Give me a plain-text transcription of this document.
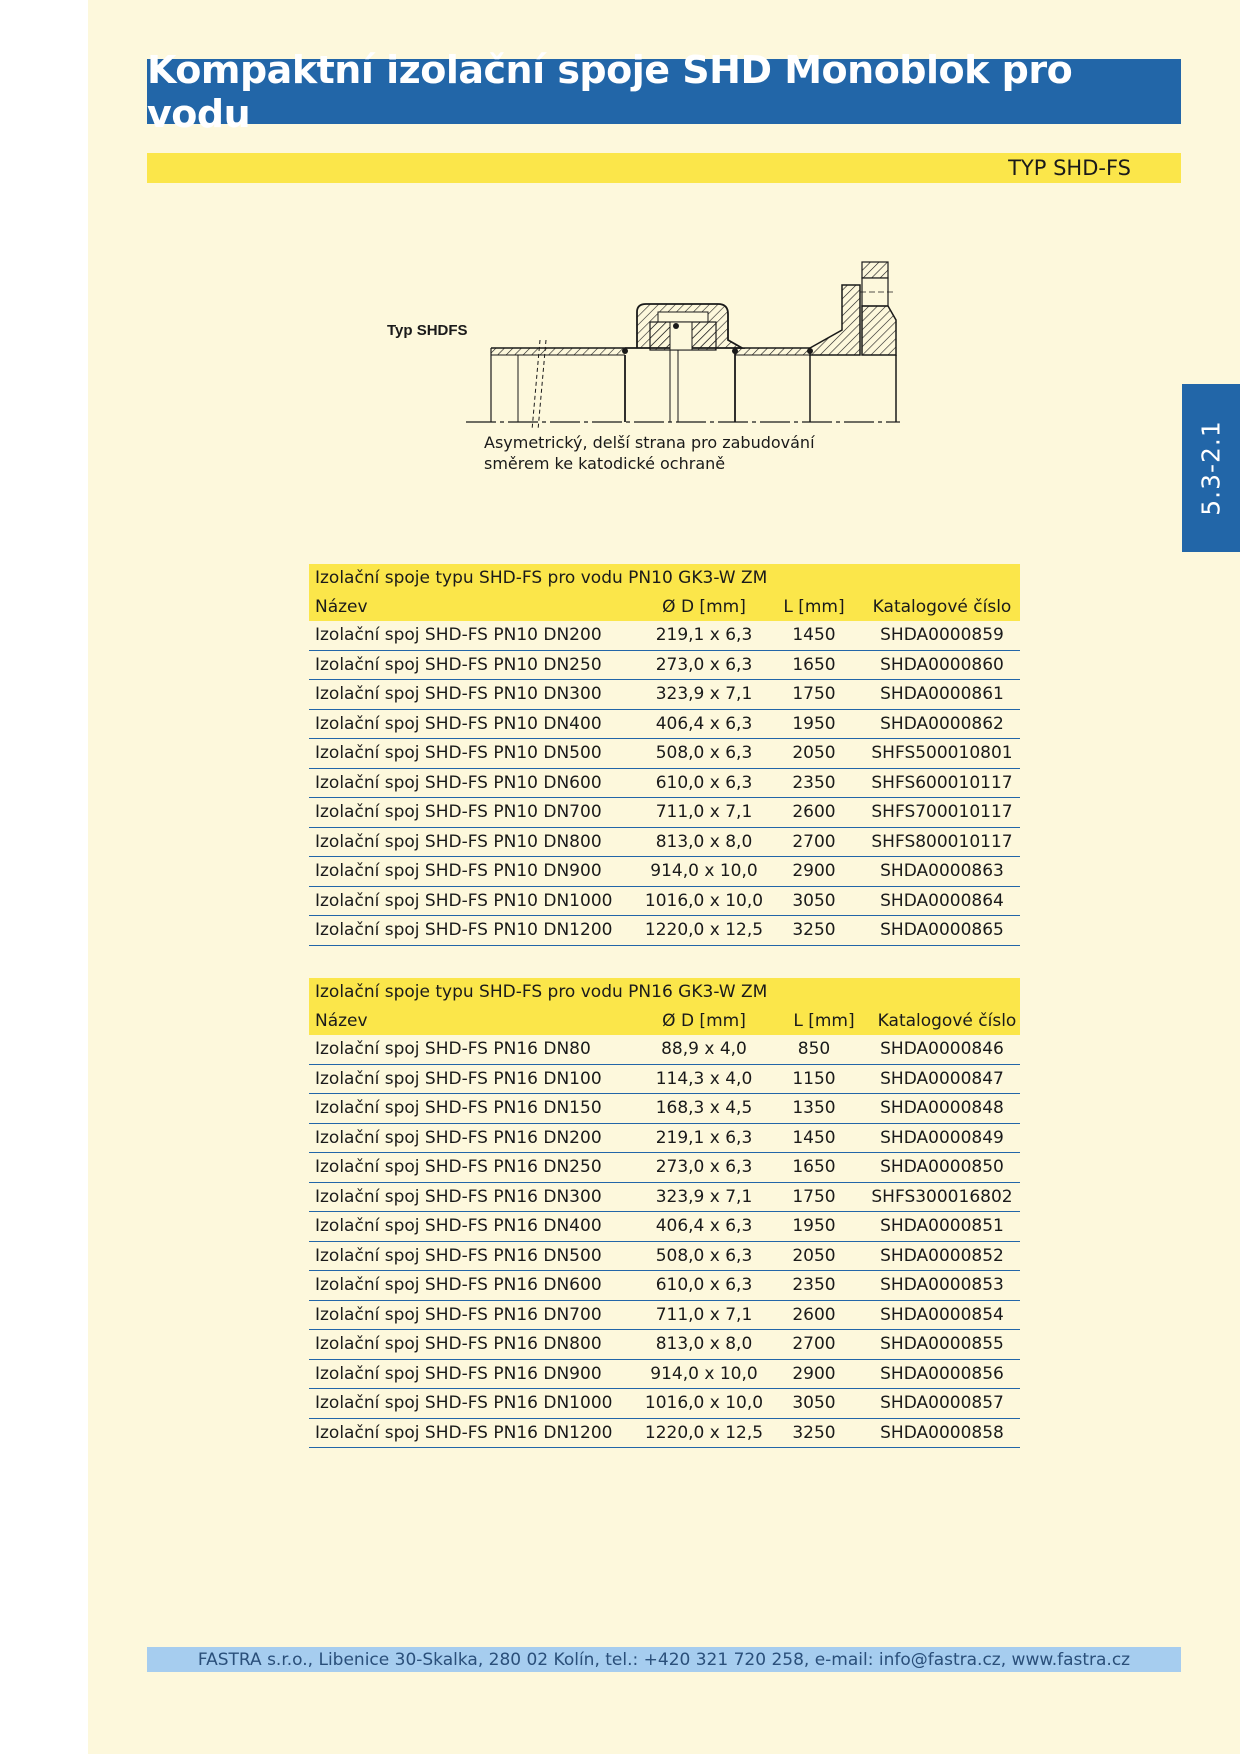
Kompaktní izolační spoje SHD Monoblok pro vodu
TYP SHD-FS
5.3-2.1
Typ SHDFS
Asymetrický, delší strana pro zabudování
směrem ke katodické ochraně
Izolační spoje typu SHD-FS pro vodu PN10 GK3-W ZM
Název	Ø D [mm]	L [mm]	Katalogové číslo
Izolační spoj SHD-FS PN10 DN200	219,1 x 6,3	1450	SHDA0000859
Izolační spoj SHD-FS PN10 DN250	273,0 x 6,3	1650	SHDA0000860
Izolační spoj SHD-FS PN10 DN300	323,9 x 7,1	1750	SHDA0000861
Izolační spoj SHD-FS PN10 DN400	406,4 x 6,3	1950	SHDA0000862
Izolační spoj SHD-FS PN10 DN500	508,0 x 6,3	2050	SHFS500010801
Izolační spoj SHD-FS PN10 DN600	610,0 x 6,3	2350	SHFS600010117
Izolační spoj SHD-FS PN10 DN700	711,0 x 7,1	2600	SHFS700010117
Izolační spoj SHD-FS PN10 DN800	813,0 x 8,0	2700	SHFS800010117
Izolační spoj SHD-FS PN10 DN900	914,0 x 10,0	2900	SHDA0000863
Izolační spoj SHD-FS PN10 DN1000	1016,0 x 10,0	3050	SHDA0000864
Izolační spoj SHD-FS PN10 DN1200	1220,0 x 12,5	3250	SHDA0000865
Izolační spoje typu SHD-FS pro vodu PN16 GK3-W ZM
Název	Ø D [mm]	L [mm]	Katalogové číslo
Izolační spoj SHD-FS PN16 DN80	88,9 x 4,0	850	SHDA0000846
Izolační spoj SHD-FS PN16 DN100	114,3 x 4,0	1150	SHDA0000847
Izolační spoj SHD-FS PN16 DN150	168,3 x 4,5	1350	SHDA0000848
Izolační spoj SHD-FS PN16 DN200	219,1 x 6,3	1450	SHDA0000849
Izolační spoj SHD-FS PN16 DN250	273,0 x 6,3	1650	SHDA0000850
Izolační spoj SHD-FS PN16 DN300	323,9 x 7,1	1750	SHFS300016802
Izolační spoj SHD-FS PN16 DN400	406,4 x 6,3	1950	SHDA0000851
Izolační spoj SHD-FS PN16 DN500	508,0 x 6,3	2050	SHDA0000852
Izolační spoj SHD-FS PN16 DN600	610,0 x 6,3	2350	SHDA0000853
Izolační spoj SHD-FS PN16 DN700	711,0 x 7,1	2600	SHDA0000854
Izolační spoj SHD-FS PN16 DN800	813,0 x 8,0	2700	SHDA0000855
Izolační spoj SHD-FS PN16 DN900	914,0 x 10,0	2900	SHDA0000856
Izolační spoj SHD-FS PN16 DN1000	1016,0 x 10,0	3050	SHDA0000857
Izolační spoj SHD-FS PN16 DN1200	1220,0 x 12,5	3250	SHDA0000858
FASTRA s.r.o., Libenice 30-Skalka, 280 02 Kolín, tel.: +420 321 720 258, e-mail: info@fastra.cz, www.fastra.cz
